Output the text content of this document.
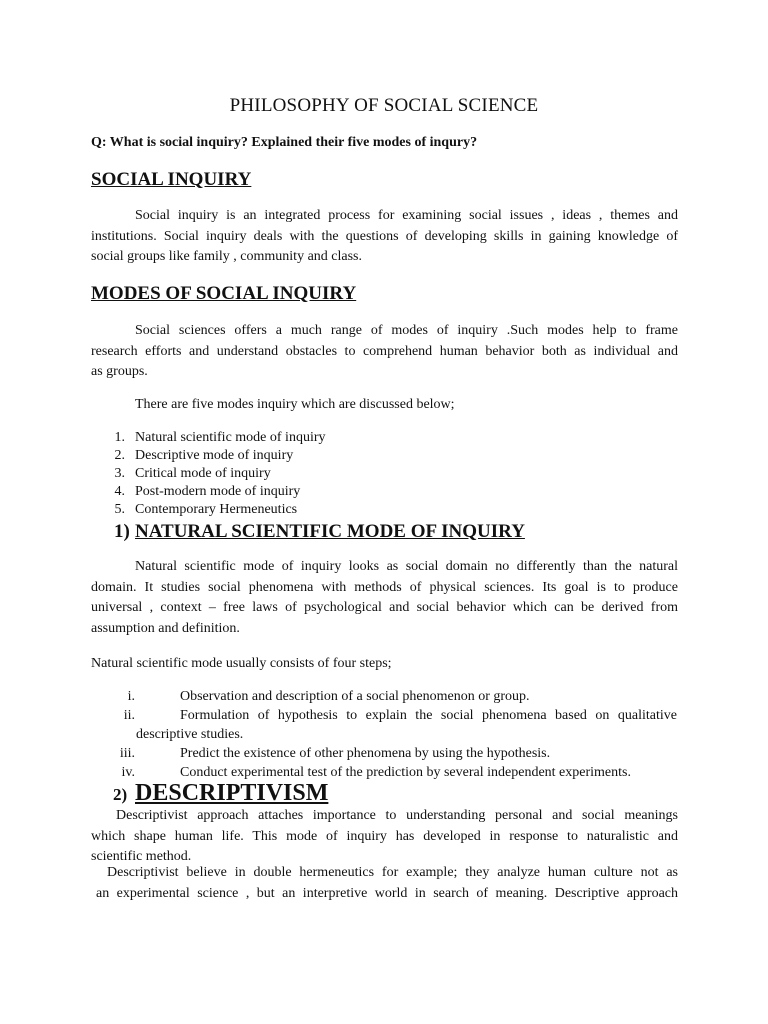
PHILOSOPHY OF SOCIAL SCIENCE
Q: What is social inquiry? Explained their five modes of inqury?
SOCIAL INQUIRY
Social inquiry is an integrated process for examining social issues , ideas , themes and
institutions. Social inquiry deals with the questions of developing skills in gaining knowledge of
social groups like family , community and class.
MODES OF SOCIAL INQUIRY
Social sciences offers a much range of modes of inquiry .Such modes help to frame
research efforts and understand obstacles to comprehend human behavior both as individual and
as groups.
There are five modes inquiry which are discussed below;
1. Natural scientific mode of inquiry
2. Descriptive mode of inquiry
3. Critical mode of inquiry
4. Post-modern mode of inquiry
5. Contemporary Hermeneutics
1) NATURAL SCIENTIFIC MODE OF INQUIRY
Natural scientific mode of inquiry looks as social domain no differently than the natural
domain. It studies social phenomena with methods of physical sciences. Its goal is to produce
universal , context – free laws of psychological and social behavior which can be derived from
assumption and definition.
Natural scientific mode usually consists of four steps;
i.	Observation and description of a social phenomenon or group.
ii.	Formulation of hypothesis to explain the social phenomena based on qualitative
descriptive studies.
iii.	Predict the existence of other phenomena by using the hypothesis.
iv.	Conduct experimental test of the prediction by several independent experiments.
2) DESCRIPTIVISM
Descriptivist approach attaches importance to understanding personal and social meanings
which shape human life. This mode of inquiry has developed in response to naturalistic and
scientific method.
Descriptivist believe in double hermeneutics for example; they analyze human culture not as
an experimental science , but an interpretive world in search of meaning. Descriptive approach
